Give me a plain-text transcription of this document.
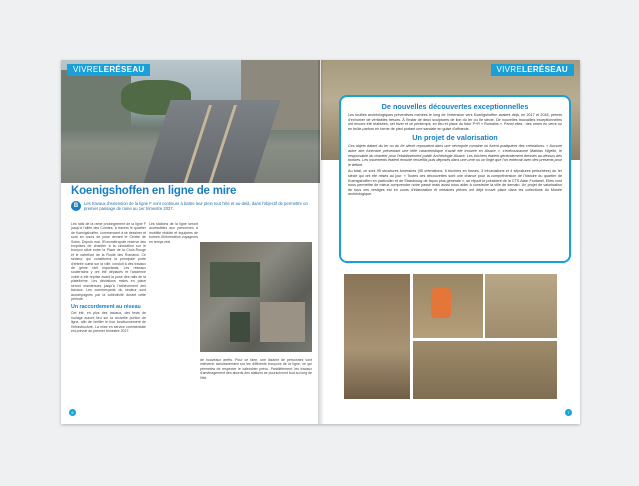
VIVRELERÉSEAU
Koenigshoffen en ligne de mire
B	Les travaux d'extension de la ligne F vont continuer à battre leur plein tout l'été et au-delà, dans l'objectif de permettre un premier passage de rame au 1er trimestre 2027.

Les rails de la rame prolongement de la ligne F jusqu'à l'allée des Comtes, à travers le quartier de Koenigshoffen, commencent à se dessiner et sont en cours de pose devant le Centre de Soins. Depuis mai, l'Eurométropole réserve des emprises de chantier à la circulation sur le tronçon situé entre la Place de la Croix-Rouge et le carrefour de la Route des Romains. Ce secteur, qui constituera la principale porte d'entrée ouest sur la ville, conduit à des travaux de génie civil importants. Les réseaux souterrains y ont été déplacés et l'ancienne voirie a été reprise avant la pose des rails de la plateforme. Les déviations mises en place seront maintenues jusqu'à l'achèvement des travaux. Les commerçants du secteur sont accompagnés par la collectivité durant cette période.

Un raccordement au réseau

Cet été, en plus des travaux, des tests de roulage auront lieu sur la nouvelle portion de ligne, afin de vérifier le bon fonctionnement de l'infrastructure. La mise en service commerciale est prévue au premier trimestre 2027.

Les stations de la ligne seront accessibles aux personnes à mobilité réduite et équipées de bornes d'information voyageurs en temps réel.

de nouveaux arrêts. Pour ce faire, une dizaine de personnes vont intervenir simultanément sur les différents tronçons de la ligne, ce qui permettra de respecter le calendrier prévu. Parallèlement, les travaux d'aménagement des abords des stations se poursuivront tout au long de l'été.

6
VIVRELERÉSEAU
De nouvelles découvertes exceptionnelles

Les fouilles archéologiques préventives menées le long de l'extension vers Koenigshoffen avaient déjà, en 2017 et 2018, permis d'exhumer de véritables trésors. À l'instar de deux sculptures de lion du Ier ou IIe siècle. De nouvelles trouvailles exceptionnelles ont encore été réalisées, cet hiver et ce printemps, en lieu et place du futur P+R « Romains ». Parmi elles : des urnes en verre ou en brûle-parfum en forme de pied portant une sandale en guise d'offrande.

Un projet de valorisation

Ces objets datant du Ier ou du IIe siècle reposaient dans une nécropole romaine où furent pratiquées des crémations. « Aucune autre aire funéraire présentant une telle caractéristique n'avait été trouvée en Alsace », s'enthousiasme Mathias Higelin, le responsable du chantier pour l'établissement public Archéologie Alsace. Les bûchers étaient généralement dressés au-dessus des tombes. Les ossements étaient ensuite recueillis puis déposés dans une urne ou un linge que l'on enterrait avec des présents pour le défunt.

Au total, ce sont 95 structures funéraires (95 crémations, 6 bûchers en fosses, 3 inhumations et 4 sépultures perturbées) du Ier siècle qui ont été mises au jour. « Toutes ces découvertes sont une chance pour la compréhension de l'histoire du quartier de Koenigshoffen en particulier et de Strasbourg de façon plus générale », se réjouit le président de la CTS Alain Fontanel. Elles vont nous permettre de mieux comprendre notre passé mais aussi nous aider à construire la ville de demain. Un projet de valorisation de tous ces vestiges est en cours d'élaboration et certaines pièces ont déjà trouvé place dans les collections du Musée archéologique.

7
